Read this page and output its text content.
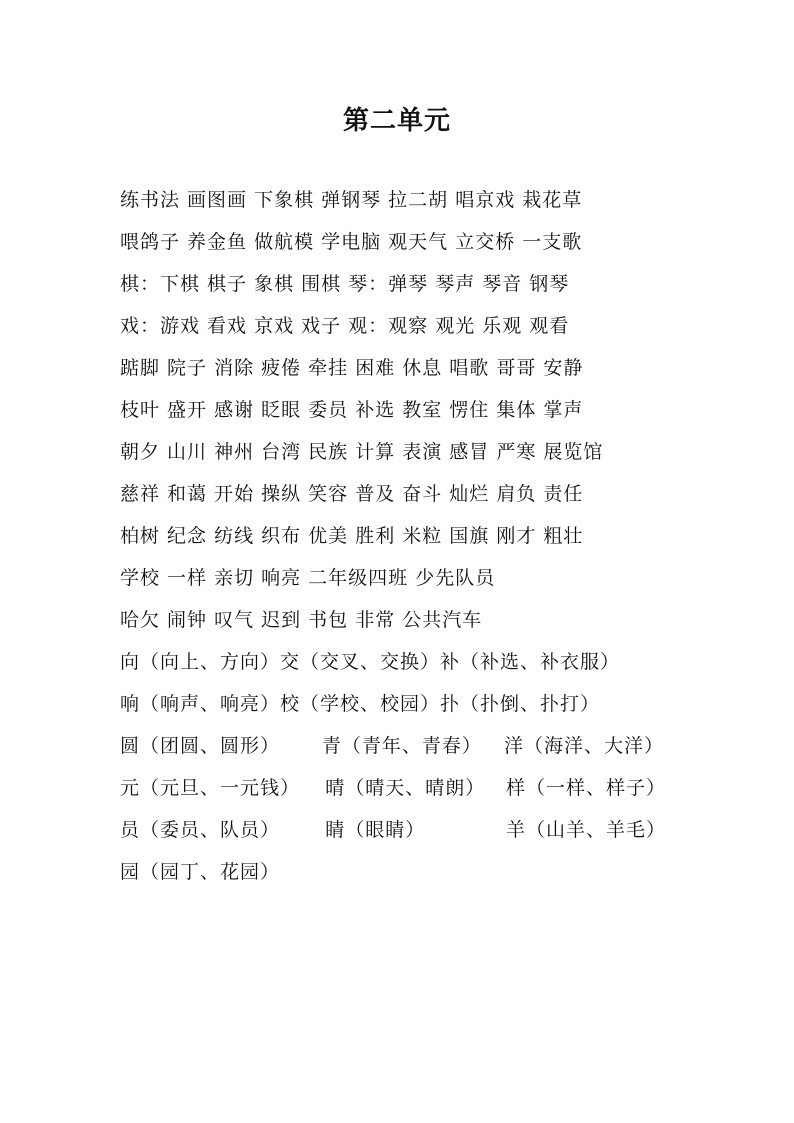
第二单元
练书法 画图画 下象棋 弹钢琴 拉二胡 唱京戏 栽花草
喂鸽子 养金鱼 做航模 学电脑 观天气 立交桥 一支歌
棋：下棋 棋子 象棋 围棋 琴：弹琴 琴声 琴音 钢琴
戏：游戏 看戏 京戏 戏子 观：观察 观光 乐观 观看
踮脚 院子 消除 疲倦 牵挂 困难 休息 唱歌 哥哥 安静
枝叶 盛开 感谢 眨眼 委员 补选 教室 愣住 集体 掌声
朝夕 山川 神州 台湾 民族 计算 表演 感冒 严寒 展览馆
慈祥 和蔼 开始 操纵 笑容 普及 奋斗 灿烂 肩负 责任
柏树 纪念 纺线 织布 优美 胜利 米粒 国旗 刚才 粗壮
学校 一样 亲切 响亮 二年级四班 少先队员
哈欠 闹钟 叹气 迟到 书包 非常 公共汽车
向（向上、方向）交（交叉、交换）补（补选、补衣服）
响（响声、响亮）校（学校、校园）扑（扑倒、扑打）
圆（团圆、圆形）	青（青年、青春）	洋（海洋、大洋）
元（元旦、一元钱）	晴（晴天、晴朗）	样（一样、样子）
员（委员、队员）	睛（眼睛）	羊（山羊、羊毛）
园（园丁、花园）
